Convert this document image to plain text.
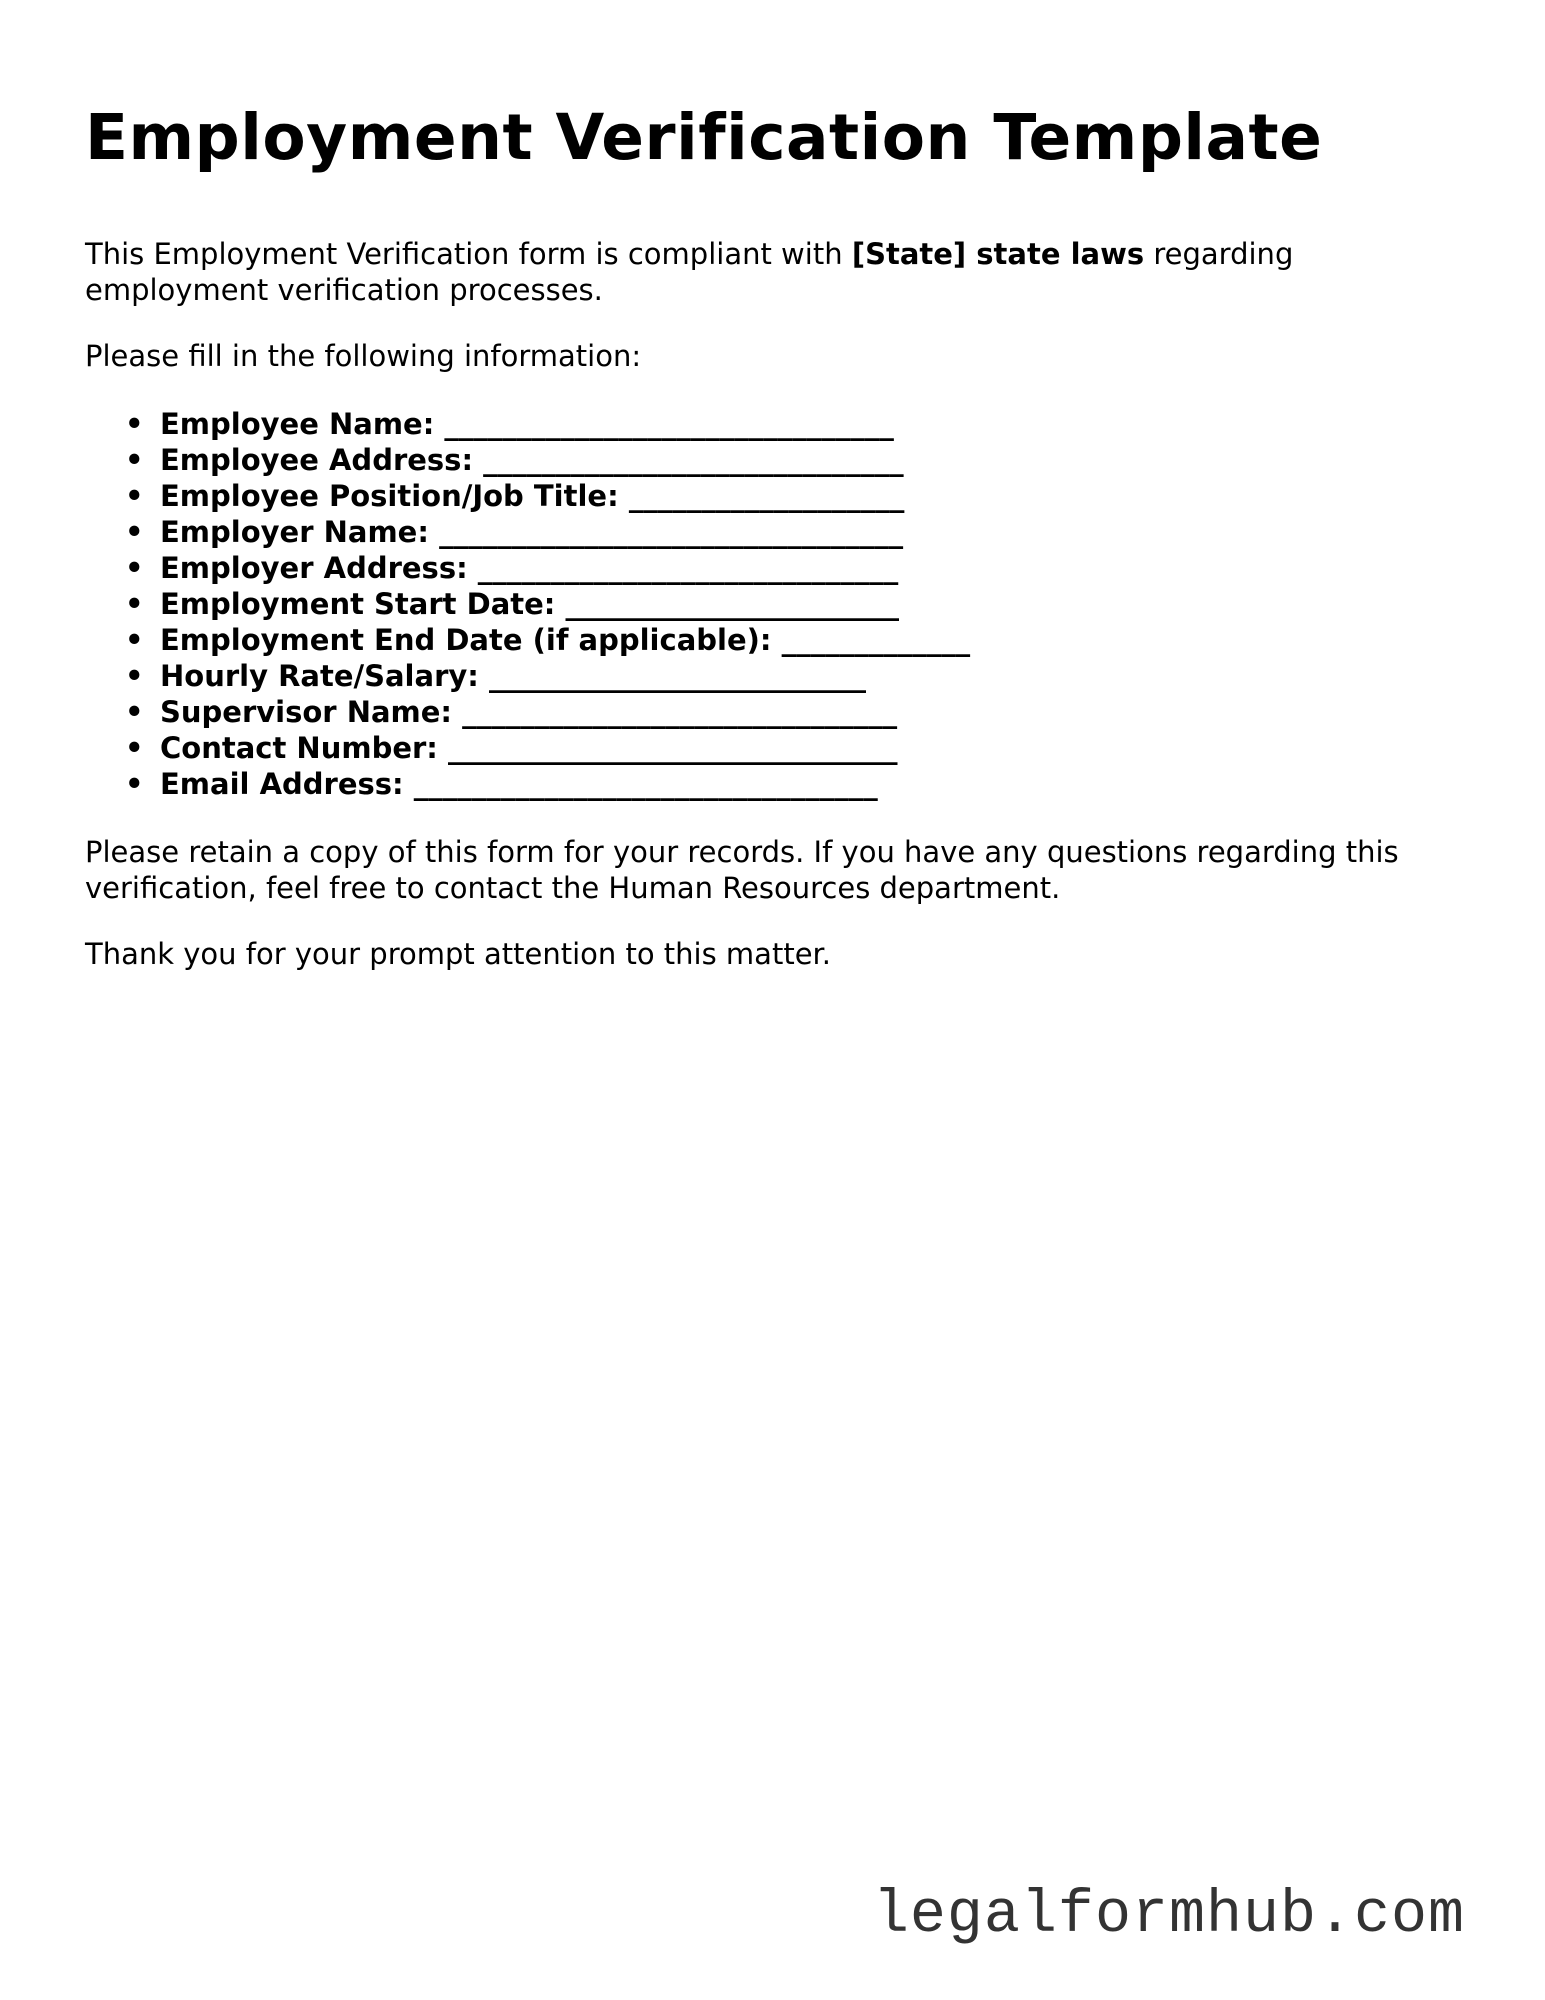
Employment Verification Template

This Employment Verification form is compliant with [State] state laws regarding employment verification processes.

Please fill in the following information:

• Employee Name: _______________________________
• Employee Address: _____________________________
• Employee Position/Job Title: ___________________
• Employer Name: ________________________________
• Employer Address: _____________________________
• Employment Start Date: _______________________
• Employment End Date (if applicable): _____________
• Hourly Rate/Salary: __________________________
• Supervisor Name: ______________________________
• Contact Number: _______________________________
• Email Address: ________________________________

Please retain a copy of this form for your records. If you have any questions regarding this verification, feel free to contact the Human Resources department.

Thank you for your prompt attention to this matter.

legalformhub.com
